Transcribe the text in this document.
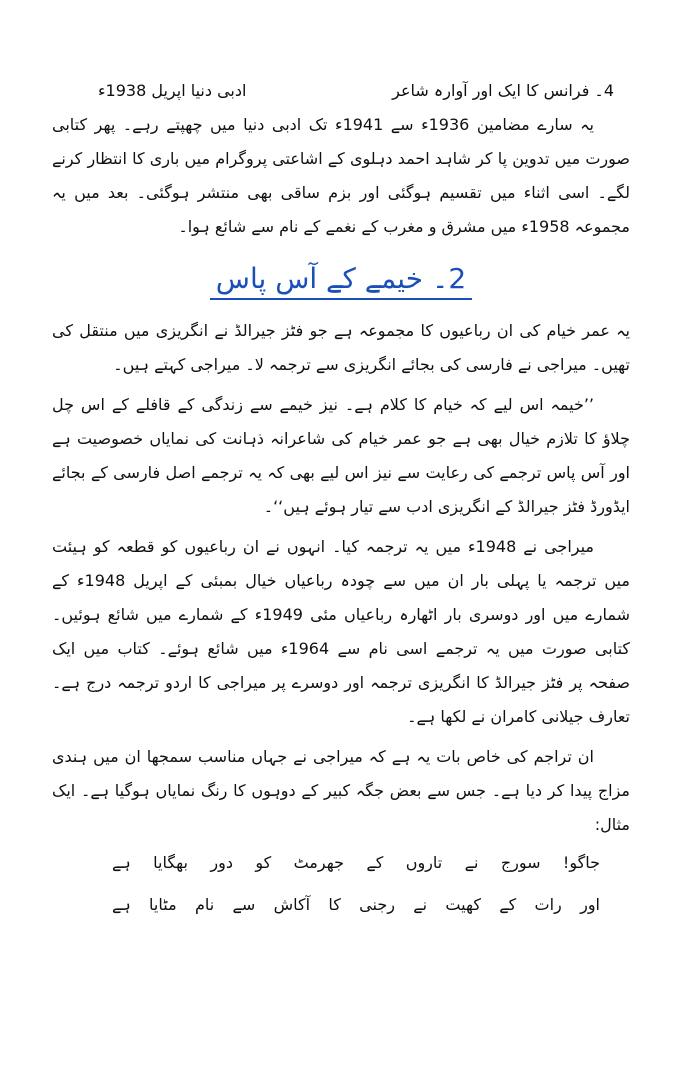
4۔ فرانس کا ایک اور آوارہ شاعر
ادبی دنیا اپریل 1938ء

یہ سارے مضامین 1936ء سے 1941ء تک ادبی دنیا میں چھپتے رہے۔ پھر کتابی صورت میں تدوین پا کر شاہد احمد دہلوی کے اشاعتی پروگرام میں باری کا انتظار کرنے لگے۔ اسی اثناء میں تقسیم ہوگئی اور بزم ساقی بھی منتشر ہوگئی۔ بعد میں یہ مجموعہ 1958ء میں مشرق و مغرب کے نغمے کے نام سے شائع ہوا۔

2۔ خیمے کے آس پاس

یہ عمر خیام کی ان رباعیوں کا مجموعہ ہے جو فٹز جیرالڈ نے انگریزی میں منتقل کی تھیں۔ میراجی نے فارسی کی بجائے انگریزی سے ترجمہ لا۔ میراجی کہتے ہیں۔

’’خیمہ اس لیے کہ خیام کا کلام ہے۔ نیز خیمے سے زندگی کے قافلے کے اس چل چلاؤ کا تلازم خیال بھی ہے جو عمر خیام کی شاعرانہ ذہانت کی نمایاں خصوصیت ہے اور آس پاس ترجمے کی رعایت سے نیز اس لیے بھی کہ یہ ترجمے اصل فارسی کے بجائے ایڈورڈ فٹز جیرالڈ کے انگریزی ادب سے تیار ہوئے ہیں‘‘۔

میراجی نے 1948ء میں یہ ترجمہ کیا۔ انہوں نے ان رباعیوں کو قطعہ کو ہیئت میں ترجمہ یا پہلی بار ان میں سے چودہ رباعیاں خیال بمبئی کے اپریل 1948ء کے شمارے میں اور دوسری بار اٹھارہ رباعیاں مئی 1949ء کے شمارے میں شائع ہوئیں۔ کتابی صورت میں یہ ترجمے اسی نام سے 1964ء میں شائع ہوئے۔ کتاب میں ایک صفحہ پر فٹز جیرالڈ کا انگریزی ترجمہ اور دوسرے پر میراجی کا اردو ترجمہ درج ہے۔ تعارف جیلانی کامران نے لکھا ہے۔

ان تراجم کی خاص بات یہ ہے کہ میراجی نے جہاں مناسب سمجھا ان میں ہندی مزاج پیدا کر دیا ہے۔ جس سے بعض جگہ کبیر کے دوہوں کا رنگ نمایاں ہوگیا ہے۔ ایک مثال:

جاگو! سورج نے تاروں کے جھرمٹ کو دور بھگایا ہے
اور رات کے کھیت نے رجنی کا آکاش سے نام مٹایا ہے
